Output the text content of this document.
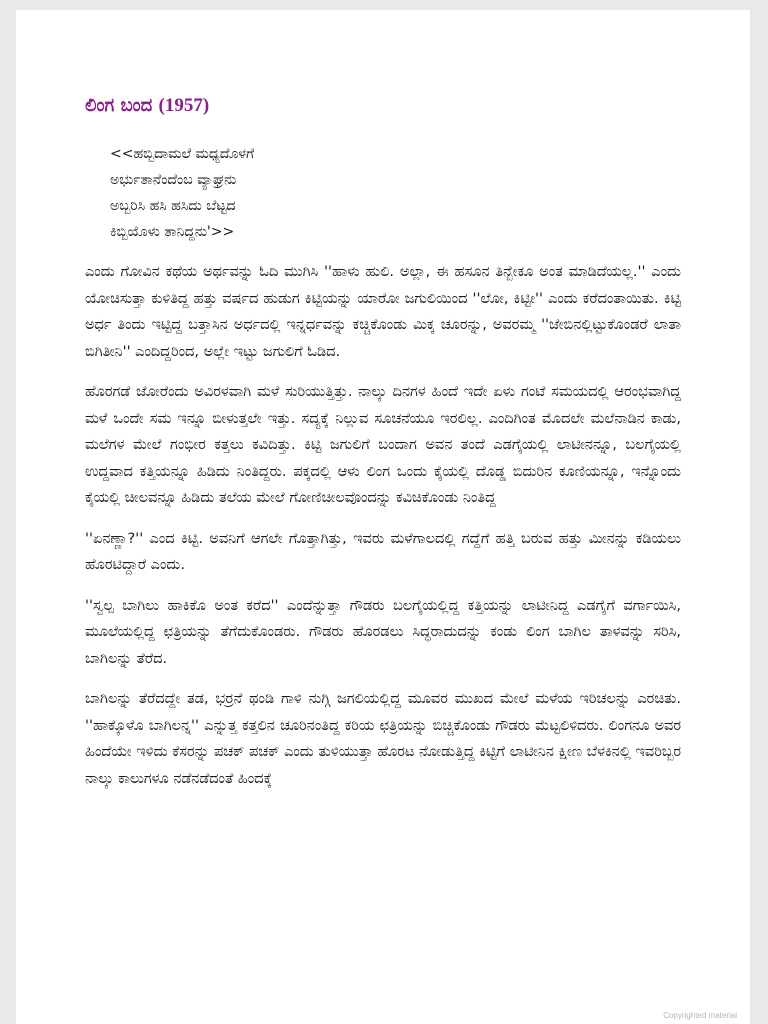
ಲಿಂಗ ಬಂದ (1957)
<<ಹಬ್ಬಿದಾಮಲೆ ಮಧ್ಯದೊಳಗೆ
ಅರ್ಭುತಾನೆಂದೆಂಬ ವ್ಯಾಘ್ರನು
ಅಬ್ಬರಿಸಿ ಹಸಿ ಹಸಿದು ಬೆಟ್ಟದ
ಕಿಬ್ಬಿಯೊಳು ತಾನಿದ್ದನು'>>

ಎಂದು ಗೋವಿನ ಕಥೆಯ ಅರ್ಥವನ್ನು ಓದಿ ಮುಗಿಸಿ ''ಹಾಳು ಹುಲಿ. ಅಲ್ಲಾ, ಈ ಹಸೂನ ತಿನ್ಬೇಕೂ ಅಂತ ಮಾಡಿದೆಯಲ್ಲ.'' ಎಂದು ಯೋಚಿಸುತ್ತಾ ಕುಳಿತಿದ್ದ ಹತ್ತು ವರ್ಷದ ಹುಡುಗ ಕಿಟ್ಟಿಯನ್ನು ಯಾರೋ ಜಗುಲಿಯಿಂದ ''ಲೋ, ಕಿಟ್ಟೀ'' ಎಂದು ಕರೆದಂತಾಯಿತು. ಕಿಟ್ಟಿ ಅರ್ಧ ತಿಂದು ಇಟ್ಟಿದ್ದ ಬತ್ತಾಸಿನ ಅರ್ಧದಲ್ಲಿ ಇನ್ನರ್ಧವನ್ನು ಕಚ್ಚಿಕೊಂಡು ಮಿಕ್ಕ ಚೂರನ್ನು, ಅವರಮ್ಮ ''ಜೇಬಿನಲ್ಲಿಟ್ಟುಕೊಂಡರೆ ಲಾತಾ ಬಿಗಿತೀನಿ'' ಎಂದಿದ್ದರಿಂದ, ಅಲ್ಲೇ ಇಟ್ಟು ಜಗುಲಿಗೆ ಓಡಿದ.

ಹೊರಗಡೆ ಜೋರೆಂದು ಅವಿರಳವಾಗಿ ಮಳೆ ಸುರಿಯುತ್ತಿತ್ತು. ನಾಲ್ಕು ದಿನಗಳ ಹಿಂದೆ ಇದೇ ಏಳು ಗಂಟೆ ಸಮಯದಲ್ಲಿ ಆರಂಭವಾಗಿದ್ದ ಮಳೆ ಒಂದೇ ಸಮ ಇನ್ನೂ ಬೀಳುತ್ತಲೇ ಇತ್ತು. ಸದ್ಯಕ್ಕೆ ನಿಲ್ಲುವ ಸೂಚನೆಯೂ ಇರಲಿಲ್ಲ. ಎಂದಿಗಿಂತ ಮೊದಲೇ ಮಲೆನಾಡಿನ ಕಾಡು, ಮಲೆಗಳ ಮೇಲೆ ಗಂಭೀರ ಕತ್ತಲು ಕವಿದಿತ್ತು. ಕಿಟ್ಟಿ ಜಗುಲಿಗೆ ಬಂದಾಗ ಅವನ ತಂದೆ ಎಡಗೈಯಲ್ಲಿ ಲಾಟೀನನ್ನೂ, ಬಲಗೈಯಲ್ಲಿ ಉದ್ದವಾದ ಕತ್ತಿಯನ್ನೂ ಹಿಡಿದು ನಿಂತಿದ್ದರು. ಪಕ್ಕದಲ್ಲಿ ಆಳು ಲಿಂಗ ಒಂದು ಕೈಯಲ್ಲಿ ದೊಡ್ಡ ಬಿದುರಿನ ಕೂಣಿಯನ್ನೂ, ಇನ್ನೊಂದು ಕೈಯಲ್ಲಿ ಚೀಲವನ್ನೂ ಹಿಡಿದು ತಲೆಯ ಮೇಲೆ ಗೋಣಿಚೀಲವೊಂದನ್ನು ಕವಿಚಿಕೊಂಡು ನಿಂತಿದ್ದ

''ಏನಣ್ಣಾ?'' ಎಂದ ಕಿಟ್ಟಿ. ಅವನಿಗೆ ಆಗಲೇ ಗೊತ್ತಾಗಿತ್ತು, ಇವರು ಮಳೆಗಾಲದಲ್ಲಿ ಗದ್ದೆಗೆ ಹತ್ತಿ ಬರುವ ಹತ್ತು ಮೀನನ್ನು ಕಡಿಯಲು ಹೊರಟಿದ್ದಾರೆ ಎಂದು.

''ಸ್ವಲ್ಪ ಬಾಗಿಲು ಹಾಕಿಕೊ ಅಂತ ಕರೆದ'' ಎಂದೆನ್ನುತ್ತಾ ಗೌಡರು ಬಲಗೈಯಲ್ಲಿದ್ದ ಕತ್ತಿಯನ್ನು ಲಾಟೀನಿದ್ದ ಎಡಗೈಗೆ ವರ್ಗಾಯಿಸಿ, ಮೂಲೆಯಲ್ಲಿದ್ದ ಛತ್ರಿಯನ್ನು ತೆಗೆದುಕೊಂಡರು. ಗೌಡರು ಹೊರಡಲು ಸಿದ್ಧರಾದುದನ್ನು ಕಂಡು ಲಿಂಗ ಬಾಗಿಲ ತಾಳವನ್ನು ಸರಿಸಿ, ಬಾಗಿಲನ್ನು ತೆರೆದ.

ಬಾಗಿಲನ್ನು ತೆರೆದದ್ದೇ ತಡ, ಭರ್ರನೆ ಥಂಡಿ ಗಾಳಿ ನುಗ್ಗಿ ಜಗಲಿಯಲ್ಲಿದ್ದ ಮೂವರ ಮುಖದ ಮೇಲೆ ಮಳೆಯ ಇರಿಚಲನ್ನು ಎರಚಿತು. ''ಹಾಕ್ಕೊಳೊ ಬಾಗಿಲನ್ನ'' ಎನ್ನುತ್ತ ಕತ್ತಲಿನ ಚೂರಿನಂತಿದ್ದ ಕರಿಯ ಛತ್ರಿಯನ್ನು ಬಿಚ್ಚಿಕೊಂಡು ಗೌಡರು ಮೆಟ್ಟಲಿಳಿದರು. ಲಿಂಗನೂ ಅವರ ಹಿಂದೆಯೇ ಇಳಿದು ಕೆಸರನ್ನು ಪಚಕ್ ಪಚಕ್ ಎಂದು ತುಳಿಯುತ್ತಾ ಹೊರಟ ನೋಡುತ್ತಿದ್ದ ಕಿಟ್ಟಿಗೆ ಲಾಟೀನಿನ ಕ್ಷೀಣ ಬೆಳಕಿನಲ್ಲಿ ಇವರಿಬ್ಬರ ನಾಲ್ಕು ಕಾಲುಗಳೂ ನಡೆನಡೆದಂತೆ ಹಿಂದಕ್ಕೆ

Copyrighted material
